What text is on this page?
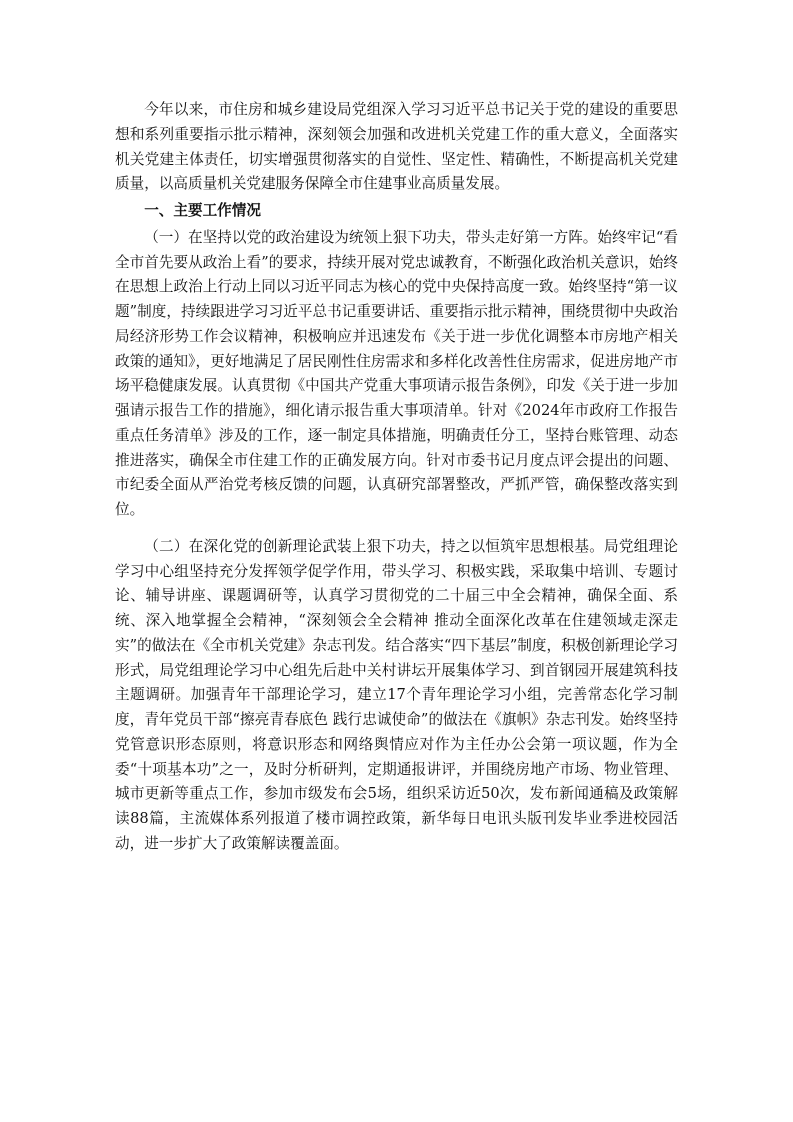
今年以来，市住房和城乡建设局党组深入学习习近平总书记关于党的建设的重要思想和系列重要指示批示精神，深刻领会加强和改进机关党建工作的重大意义，全面落实机关党建主体责任，切实增强贯彻落实的自觉性、坚定性、精确性，不断提高机关党建质量，以高质量机关党建服务保障全市住建事业高质量发展。

一、主要工作情况

（一）在坚持以党的政治建设为统领上狠下功夫，带头走好第一方阵。始终牢记“看全市首先要从政治上看”的要求，持续开展对党忠诚教育，不断强化政治机关意识，始终在思想上政治上行动上同以习近平同志为核心的党中央保持高度一致。始终坚持“第一议题”制度，持续跟进学习习近平总书记重要讲话、重要指示批示精神，围绕贯彻中央政治局经济形势工作会议精神，积极响应并迅速发布《关于进一步优化调整本市房地产相关政策的通知》，更好地满足了居民刚性住房需求和多样化改善性住房需求，促进房地产市场平稳健康发展。认真贯彻《中国共产党重大事项请示报告条例》，印发《关于进一步加强请示报告工作的措施》，细化请示报告重大事项清单。针对《2024年市政府工作报告重点任务清单》涉及的工作，逐一制定具体措施，明确责任分工，坚持台账管理、动态推进落实，确保全市住建工作的正确发展方向。针对市委书记月度点评会提出的问题、市纪委全面从严治党考核反馈的问题，认真研究部署整改，严抓严管，确保整改落实到位。

（二）在深化党的创新理论武装上狠下功夫，持之以恒筑牢思想根基。局党组理论学习中心组坚持充分发挥领学促学作用，带头学习、积极实践，采取集中培训、专题讨论、辅导讲座、课题调研等，认真学习贯彻党的二十届三中全会精神，确保全面、系统、深入地掌握全会精神，“深刻领会全会精神 推动全面深化改革在住建领域走深走实”的做法在《全市机关党建》杂志刊发。结合落实“四下基层”制度，积极创新理论学习形式，局党组理论学习中心组先后赴中关村讲坛开展集体学习、到首钢园开展建筑科技主题调研。加强青年干部理论学习，建立17个青年理论学习小组，完善常态化学习制度，青年党员干部“擦亮青春底色 践行忠诚使命”的做法在《旗帜》杂志刊发。始终坚持党管意识形态原则，将意识形态和网络舆情应对作为主任办公会第一项议题，作为全委“十项基本功”之一，及时分析研判，定期通报讲评，并围绕房地产市场、物业管理、城市更新等重点工作，参加市级发布会5场，组织采访近50次，发布新闻通稿及政策解读88篇，主流媒体系列报道了楼市调控政策，新华每日电讯头版刊发毕业季进校园活动，进一步扩大了政策解读覆盖面。
